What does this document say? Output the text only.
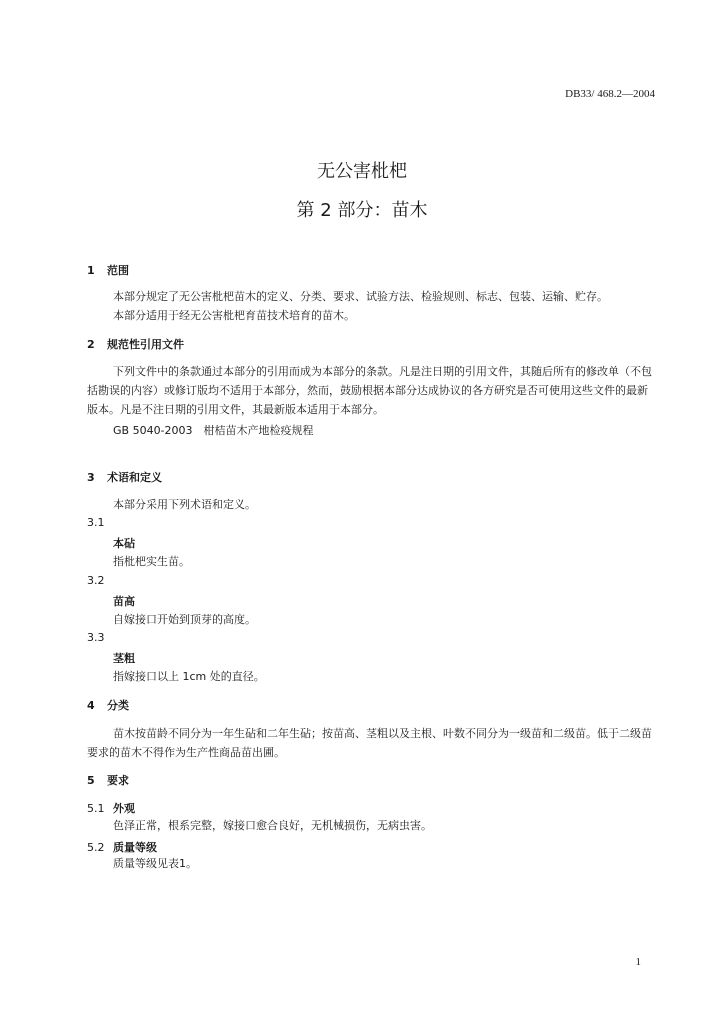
DB33/ 468.2—2004
无公害枇杷
第 2 部分：苗木
1 范围
本部分规定了无公害枇杷苗木的定义、分类、要求、试验方法、检验规则、标志、包装、运输、贮存。
本部分适用于经无公害枇杷育苗技术培育的苗木。
2 规范性引用文件
下列文件中的条款通过本部分的引用而成为本部分的条款。凡是注日期的引用文件，其随后所有的修改单（不包括勘误的内容）或修订版均不适用于本部分，然而，鼓励根据本部分达成协议的各方研究是否可使用这些文件的最新版本。凡是不注日期的引用文件，其最新版本适用于本部分。
GB 5040-2003　柑桔苗木产地检疫规程
3 术语和定义
本部分采用下列术语和定义。
3.1
本砧
指枇杷实生苗。
3.2
苗高
自嫁接口开始到顶芽的高度。
3.3
茎粗
指嫁接口以上 1cm 处的直径。
4 分类
苗木按苗龄不同分为一年生砧和二年生砧；按苗高、茎粗以及主根、叶数不同分为一级苗和二级苗。低于二级苗要求的苗木不得作为生产性商品苗出圃。
5 要求
5.1 外观
色泽正常，根系完整，嫁接口愈合良好，无机械损伤，无病虫害。
5.2 质量等级
质量等级见表1。
1
